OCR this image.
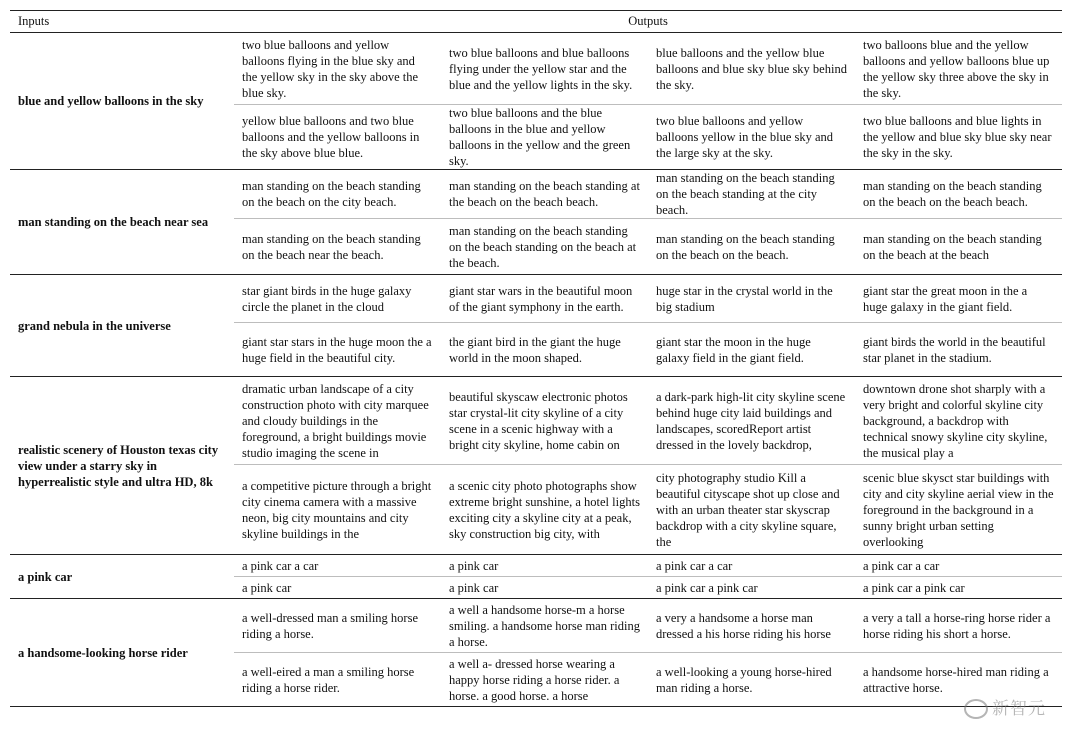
Inputs	Outputs			
blue and yellow balloons in the sky	two blue balloons and yellow balloons flying in the blue sky and the yellow sky in the sky above the blue sky.	two blue balloons and blue balloons flying under the yellow star and the blue and the yellow lights in the sky.	blue balloons and the yellow blue balloons and blue sky blue sky behind the sky.	two balloons blue and the yellow balloons and yellow balloons blue up the yellow sky three above the sky in the sky.
	yellow blue balloons and two blue balloons and the yellow balloons in the sky above blue blue.	two blue balloons and the blue balloons in the blue and yellow balloons in the yellow and the green sky.	two blue balloons and yellow balloons yellow in the blue sky and the large sky at the sky.	two blue balloons and blue lights in the yellow and blue sky blue sky near the sky in the sky.
man standing on the beach near sea	man standing on the beach standing on the beach on the city beach.	man standing on the beach standing at the beach on the beach beach.	man standing on the beach standing on the beach standing at the city beach.	man standing on the beach standing on the beach on the beach beach.
	man standing on the beach standing on the beach near the beach.	man standing on the beach standing on the beach standing on the beach at the beach.	man standing on the beach standing on the beach on the beach.	man standing on the beach standing on the beach at the beach
grand nebula in the universe	star giant birds in the huge galaxy circle the planet in the cloud	giant star wars in the beautiful moon of the giant symphony in the earth.	huge star in the crystal world in the big stadium	giant star the great moon in the a huge galaxy in the giant field.
	giant star stars in the huge moon the a huge field in the beautiful city.	the giant bird in the giant the huge world in the moon shaped.	giant star the moon in the huge galaxy field in the giant field.	giant birds the world in the beautiful star planet in the stadium.
realistic scenery of Houston texas city view under a starry sky in hyperrealistic style and ultra HD, 8k	dramatic urban landscape of a city construction photo with city marquee and cloudy buildings in the foreground, a bright buildings movie studio imaging the scene in	beautiful skyscaw electronic photos star crystal-lit city skyline of a city scene in a scenic highway with a bright city skyline, home cabin on	a dark-park high-lit city skyline scene behind huge city laid buildings and landscapes, scoredReport artist dressed in the lovely backdrop,	downtown drone shot sharply with a very bright and colorful skyline city background, a backdrop with technical snowy skyline city skyline, the musical play a
	a competitive picture through a bright city cinema camera with a massive neon, big city mountains and city skyline buildings in the	a scenic city photo photographs show extreme bright sunshine, a hotel lights exciting city a skyline city at a peak, sky construction big city, with	city photography studio Kill a beautiful cityscape shot up close and with an urban theater star skyscrap backdrop with a city skyline square, the	scenic blue skysct star buildings with city and city skyline aerial view in the foreground in the background in a sunny bright urban setting overlooking
a pink car	a pink car a car	a pink car	a pink car a car	a pink car a car
	a pink car	a pink car	a pink car a pink car	a pink car a pink car
a handsome-looking horse rider	a well-dressed man a smiling horse riding a horse.	a well a handsome horse-m a horse smiling. a handsome horse man riding a horse.	a very a handsome a horse man dressed a his horse riding his horse	a very a tall a horse-ring horse rider a horse riding his short a horse.
	a well-eired a man a smiling horse riding a horse rider.	a well a- dressed horse wearing a happy horse riding a horse rider. a horse. a good horse. a horse	a well-looking a young horse-hired man riding a horse.	a handsome horse-hired man riding a attractive horse.
新智元
